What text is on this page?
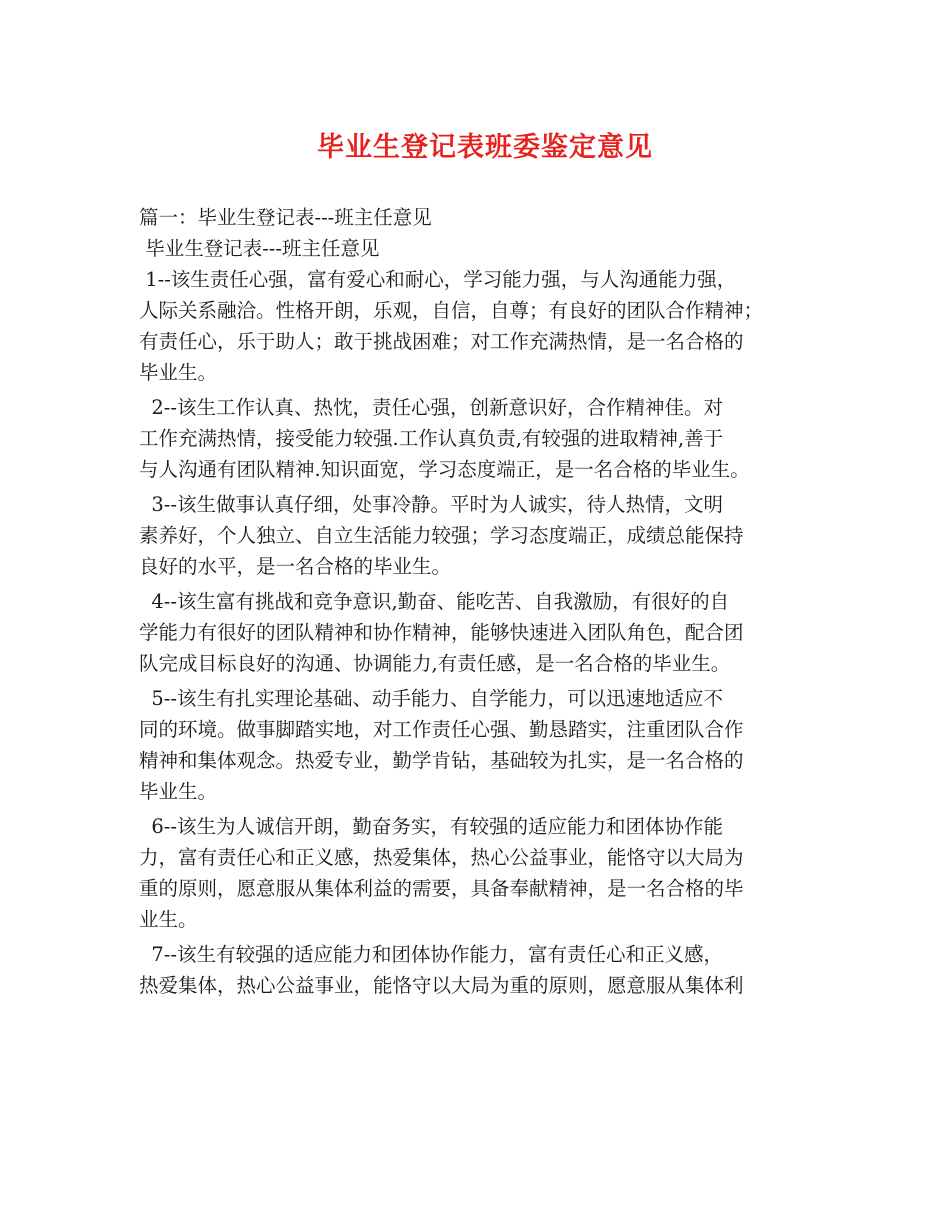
毕业生登记表班委鉴定意见
篇一：毕业生登记表---班主任意见
毕业生登记表---班主任意见
1--该生责任心强，富有爱心和耐心，学习能力强，与人沟通能力强，
人际关系融洽。性格开朗，乐观，自信，自尊；有良好的团队合作精神；
有责任心，乐于助人；敢于挑战困难；对工作充满热情，是一名合格的
毕业生。
2--该生工作认真、热忱，责任心强，创新意识好，合作精神佳。对
工作充满热情，接受能力较强.工作认真负责,有较强的进取精神,善于
与人沟通有团队精神.知识面宽，学习态度端正，是一名合格的毕业生。
3--该生做事认真仔细，处事冷静。平时为人诚实，待人热情，文明
素养好，个人独立、自立生活能力较强；学习态度端正，成绩总能保持
良好的水平，是一名合格的毕业生。
4--该生富有挑战和竞争意识,勤奋、能吃苦、自我激励，有很好的自
学能力有很好的团队精神和协作精神，能够快速进入团队角色，配合团
队完成目标良好的沟通、协调能力,有责任感，是一名合格的毕业生。
5--该生有扎实理论基础、动手能力、自学能力，可以迅速地适应不
同的环境。做事脚踏实地，对工作责任心强、勤恳踏实，注重团队合作
精神和集体观念。热爱专业，勤学肯钻，基础较为扎实，是一名合格的
毕业生。
6--该生为人诚信开朗，勤奋务实，有较强的适应能力和团体协作能
力，富有责任心和正义感，热爱集体，热心公益事业，能恪守以大局为
重的原则，愿意服从集体利益的需要，具备奉献精神，是一名合格的毕
业生。
7--该生有较强的适应能力和团体协作能力，富有责任心和正义感，
热爱集体，热心公益事业，能恪守以大局为重的原则，愿意服从集体利
